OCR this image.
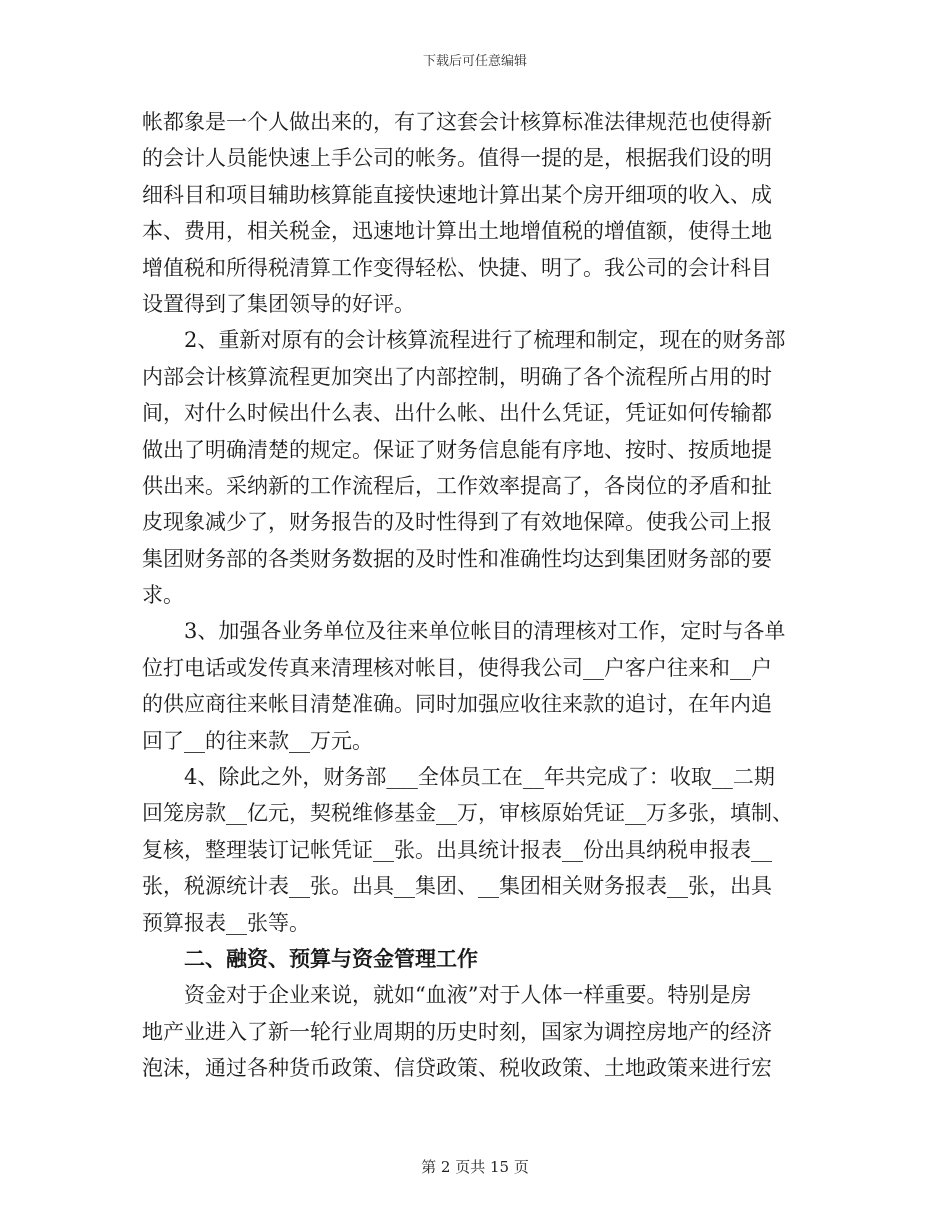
下载后可任意编辑
帐都象是一个人做出来的，有了这套会计核算标准法律规范也使得新
的会计人员能快速上手公司的帐务。值得一提的是，根据我们设的明
细科目和项目辅助核算能直接快速地计算出某个房开细项的收入、成
本、费用，相关税金，迅速地计算出土地增值税的增值额，使得土地
增值税和所得税清算工作变得轻松、快捷、明了。我公司的会计科目
设置得到了集团领导的好评。
2、重新对原有的会计核算流程进行了梳理和制定，现在的财务部
内部会计核算流程更加突出了内部控制，明确了各个流程所占用的时
间，对什么时候出什么表、出什么帐、出什么凭证，凭证如何传输都
做出了明确清楚的规定。保证了财务信息能有序地、按时、按质地提
供出来。采纳新的工作流程后，工作效率提高了，各岗位的矛盾和扯
皮现象减少了，财务报告的及时性得到了有效地保障。使我公司上报
集团财务部的各类财务数据的及时性和准确性均达到集团财务部的要
求。
3、加强各业务单位及往来单位帐目的清理核对工作，定时与各单
位打电话或发传真来清理核对帐目，使得我公司__户客户往来和__户
的供应商往来帐目清楚准确。同时加强应收往来款的追讨，在年内追
回了__的往来款__万元。
4、除此之外，财务部___全体员工在__年共完成了：收取__二期
回笼房款__亿元，契税维修基金__万，审核原始凭证__万多张，填制、
复核，整理装订记帐凭证__张。出具统计报表__份出具纳税申报表__
张，税源统计表__张。出具__集团、__集团相关财务报表__张，出具
预算报表__张等。
二、融资、预算与资金管理工作
资金对于企业来说，就如“血液”对于人体一样重要。特别是房
地产业进入了新一轮行业周期的历史时刻，国家为调控房地产的经济
泡沫，通过各种货币政策、信贷政策、税收政策、土地政策来进行宏
第 2 页共 15 页
